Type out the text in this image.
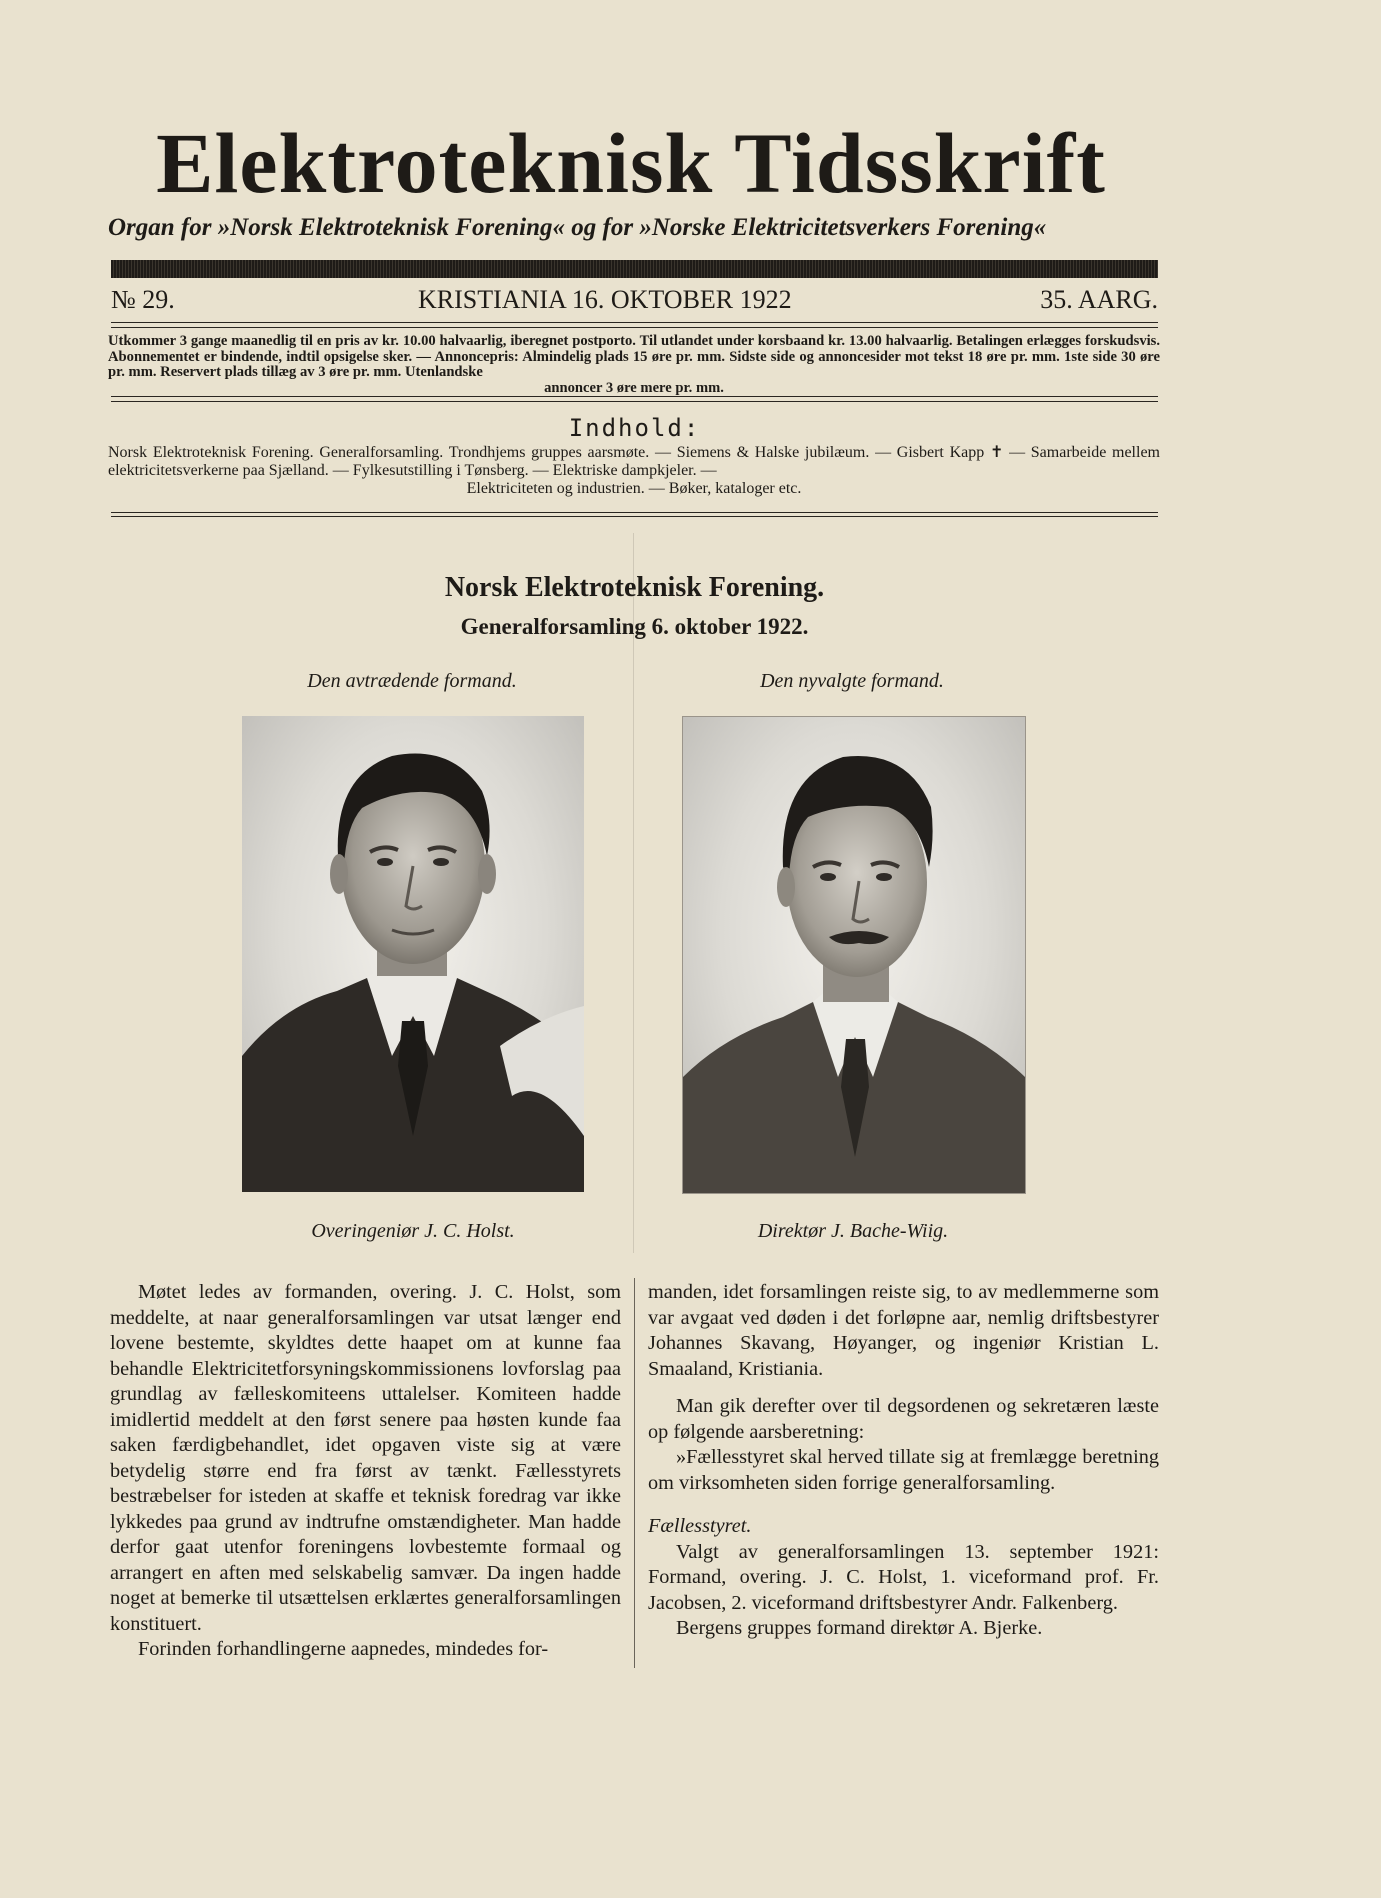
Elektroteknisk Tidsskrift
Organ for »Norsk Elektroteknisk Forening« og for »Norske Elektricitetsverkers Forening«
№ 29.	KRISTIANIA 16. OKTOBER 1922	35. AARG.
Utkommer 3 gange maanedlig til en pris av kr. 10.00 halvaarlig, iberegnet postporto. Til utlandet under korsbaand kr. 13.00 halvaarlig. Betalingen erlægges forskudsvis. Abonnementet er bindende, indtil opsigelse sker. — Annoncepris: Almindelig plads 15 øre pr. mm. Sidste side og annoncesider mot tekst 18 øre pr. mm. 1ste side 30 øre pr. mm. Reservert plads tillæg av 3 øre pr. mm. Utenlandske
annoncer 3 øre mere pr. mm.
Indhold:
Norsk Elektroteknisk Forening. Generalforsamling. Trondhjems gruppes aarsmøte. — Siemens & Halske jubilæum. — Gisbert Kapp ✝ — Samarbeide mellem elektricitetsverkerne paa Sjælland. — Fylkesutstilling i Tønsberg. — Elektriske dampkjeler. —
Elektriciteten og industrien. — Bøker, kataloger etc.
Norsk Elektroteknisk Forening.
Generalforsamling 6. oktober 1922.
Den avtrædende formand.
Overingeniør J. C. Holst.
Den nyvalgte formand.
Direktør J. Bache-Wiig.

Møtet ledes av formanden, overing. J. C. Holst, som meddelte, at naar generalforsamlingen var utsat længer end lovene bestemte, skyldtes dette haapet om at kunne faa behandle Elektricitetforsyningskommissionens lovforslag paa grundlag av fælleskomiteens uttalelser. Komiteen hadde imidlertid meddelt at den først senere paa høsten kunde faa saken færdigbehandlet, idet opgaven viste sig at være betydelig større end fra først av tænkt. Fællesstyrets bestræbelser for isteden at skaffe et teknisk foredrag var ikke lykkedes paa grund av indtrufne omstændigheter. Man hadde derfor gaat utenfor foreningens lovbestemte formaal og arrangert en aften med selskabelig samvær. Da ingen hadde noget at bemerke til utsættelsen erklærtes generalforsamlingen konstituert.

Forinden forhandlingerne aapnedes, mindedes for-

manden, idet forsamlingen reiste sig, to av medlemmerne som var avgaat ved døden i det forløpne aar, nemlig driftsbestyrer Johannes Skavang, Høyanger, og ingeniør Kristian L. Smaaland, Kristiania.

Man gik derefter over til degsordenen og sekretæren læste op følgende aarsberetning:

»Fællesstyret skal herved tillate sig at fremlægge beretning om virksomheten siden forrige generalforsamling.

Fællesstyret.

Valgt av generalforsamlingen 13. september 1921: Formand, overing. J. C. Holst, 1. viceformand prof. Fr. Jacobsen, 2. viceformand driftsbestyrer Andr. Falkenberg.

Bergens gruppes formand direktør A. Bjerke.
